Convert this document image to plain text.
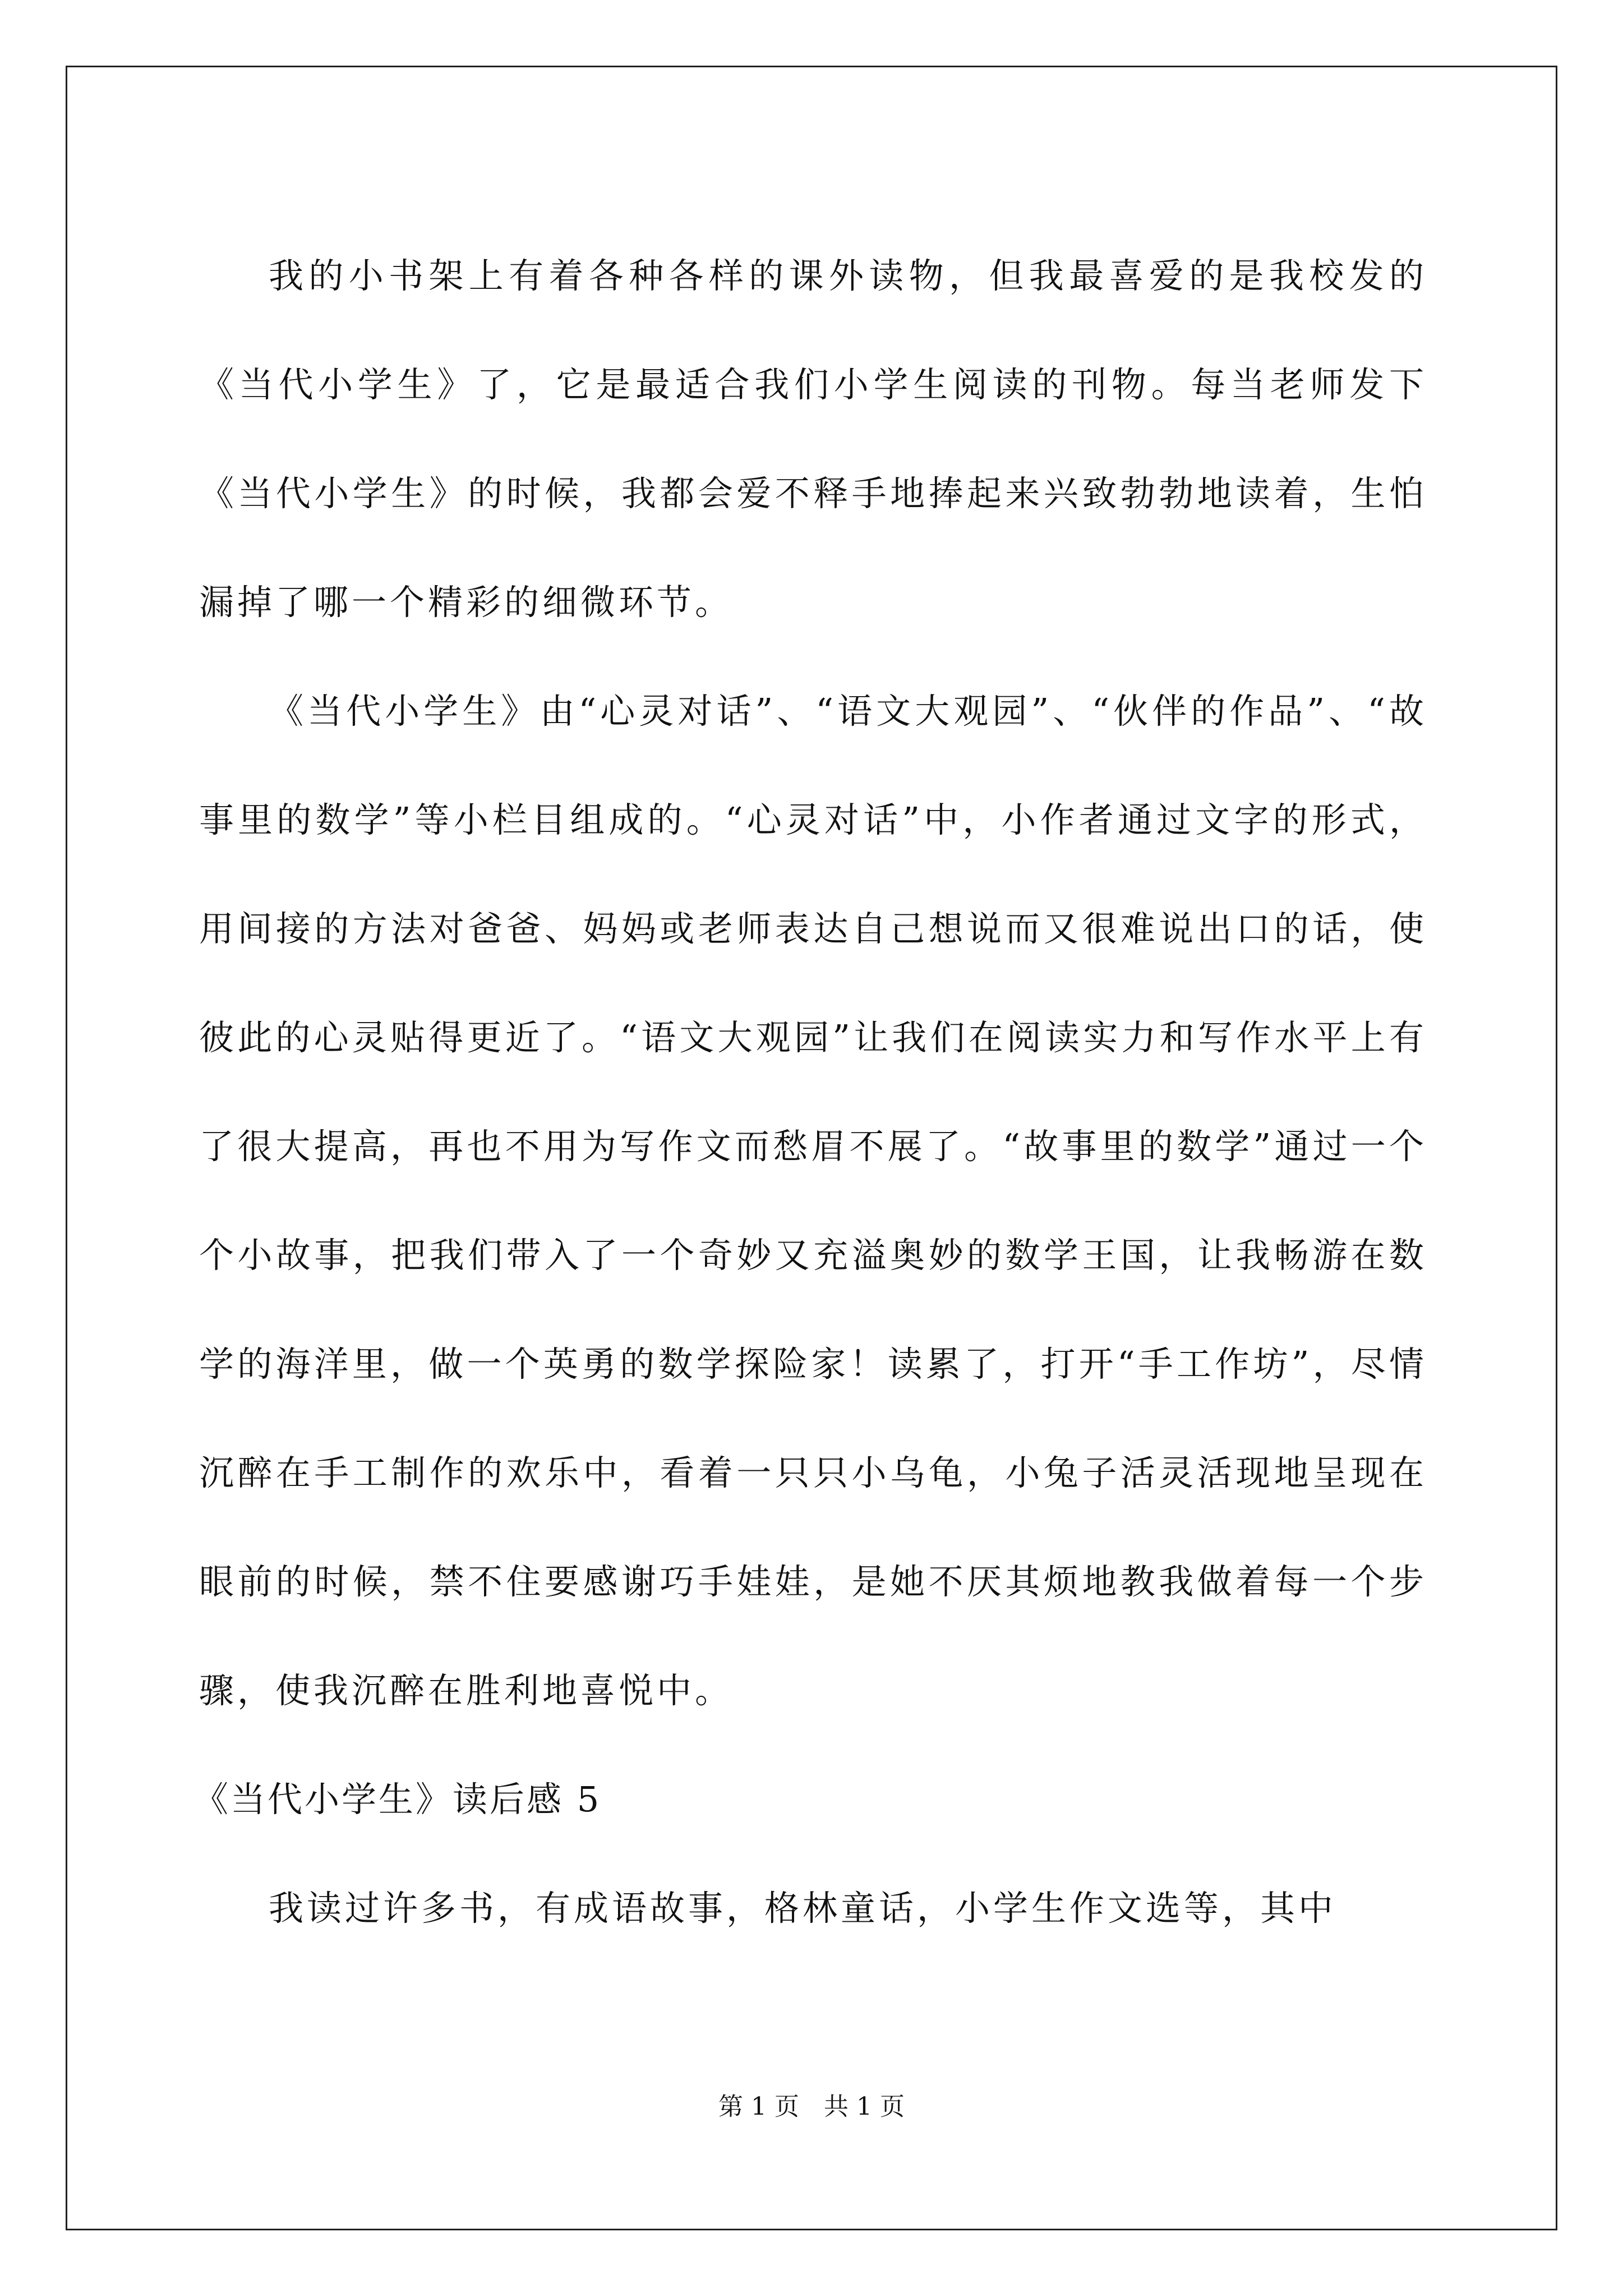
我的小书架上有着各种各样的课外读物，但我最喜爱的是我校发的《当代小学生》了，它是最适合我们小学生阅读的刊物。每当老师发下《当代小学生》的时候，我都会爱不释手地捧起来兴致勃勃地读着，生怕漏掉了哪一个精彩的细微环节。

《当代小学生》由“心灵对话”、“语文大观园”、“伙伴的作品”、“故事里的数学”等小栏目组成的。“心灵对话”中，小作者通过文字的形式，用间接的方法对爸爸、妈妈或老师表达自己想说而又很难说出口的话，使彼此的心灵贴得更近了。“语文大观园”让我们在阅读实力和写作水平上有了很大提高，再也不用为写作文而愁眉不展了。“故事里的数学”通过一个个小故事，把我们带入了一个奇妙又充溢奥妙的数学王国，让我畅游在数学的海洋里，做一个英勇的数学探险家！读累了，打开“手工作坊”，尽情沉醉在手工制作的欢乐中，看着一只只小乌龟，小兔子活灵活现地呈现在眼前的时候，禁不住要感谢巧手娃娃，是她不厌其烦地教我做着每一个步骤，使我沉醉在胜利地喜悦中。

《当代小学生》读后感 5

我读过许多书，有成语故事，格林童话，小学生作文选等，其中

第 1 页　共 1 页
